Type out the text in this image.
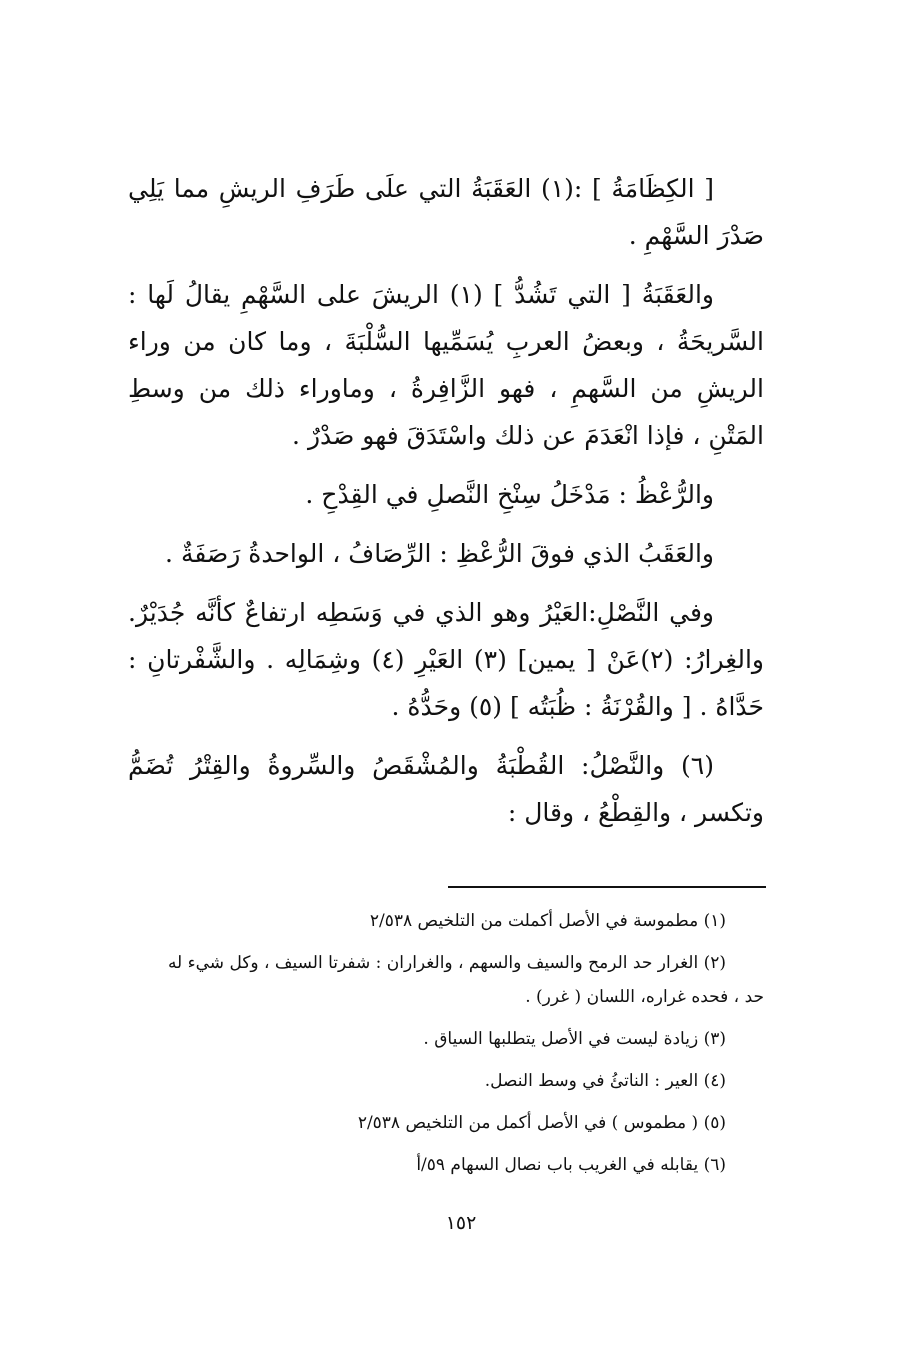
[ الكِظَامَةُ ] :(١) العَقَبَةُ التي علَى طَرَفِ الريشِ مما يَلِي صَدْرَ السَّهْمِ .

والعَقَبَةُ [ التي تَشُدُّ ] (١) الريشَ على السَّهْمِ يقالُ لَها : السَّريحَةُ ، وبعضُ العربِ يُسَمِّيها السُّلْبَةَ ، وما كان من وراء الريشِ من السَّهمِ ، فهو الزَّافِرةُ ، وماوراء ذلك من وسطِ المَتْنِ ، فإذا انْعَدَمَ عن ذلك واسْتَدَقَ فهو صَدْرٌ .

والرُّعْظُ : مَدْخَلُ سِنْخِ النَّصلِ في القِدْحِ .

والعَقَبُ الذي فوقَ الرُّعْظِ : الرِّصَافُ ، الواحدةُ رَصَفَةٌ .

وفي النَّصْلِ:العَيْرُ وهو الذي في وَسَطِه ارتفاعٌ كأنَّه جُدَيْرٌ. والغِرارُ: (٢)عَنْ [ يمين] (٣) العَيْرِ (٤) وشِمَالِه . والشَّفْرتانِ : حَدَّاهُ . [ والقُرْنَةُ : ظُبَتُه ] (٥) وحَدُّهُ .

(٦) والنَّصْلُ: القُطْبَةُ والمُشْقَصُ والسِّروةُ والقِتْرُ تُضَمُّ وتكسر ، والقِطْعُ ، وقال :

(١) مطموسة في الأصل أكملت من التلخيص ٢/٥٣٨

(٢) الغرار حد الرمح والسيف والسهم ، والغراران : شفرتا السيف ، وكل شيء له حد ، فحده غراره، اللسان ( غرر) .

(٣) زيادة ليست في الأصل يتطلبها السياق .

(٤) العير : الناتئُ في وسط النصل.

(٥) ( مطموس ) في الأصل أكمل من التلخيص ٢/٥٣٨

(٦) يقابله في الغريب باب نصال السهام ٥٩/أ

١٥٢
